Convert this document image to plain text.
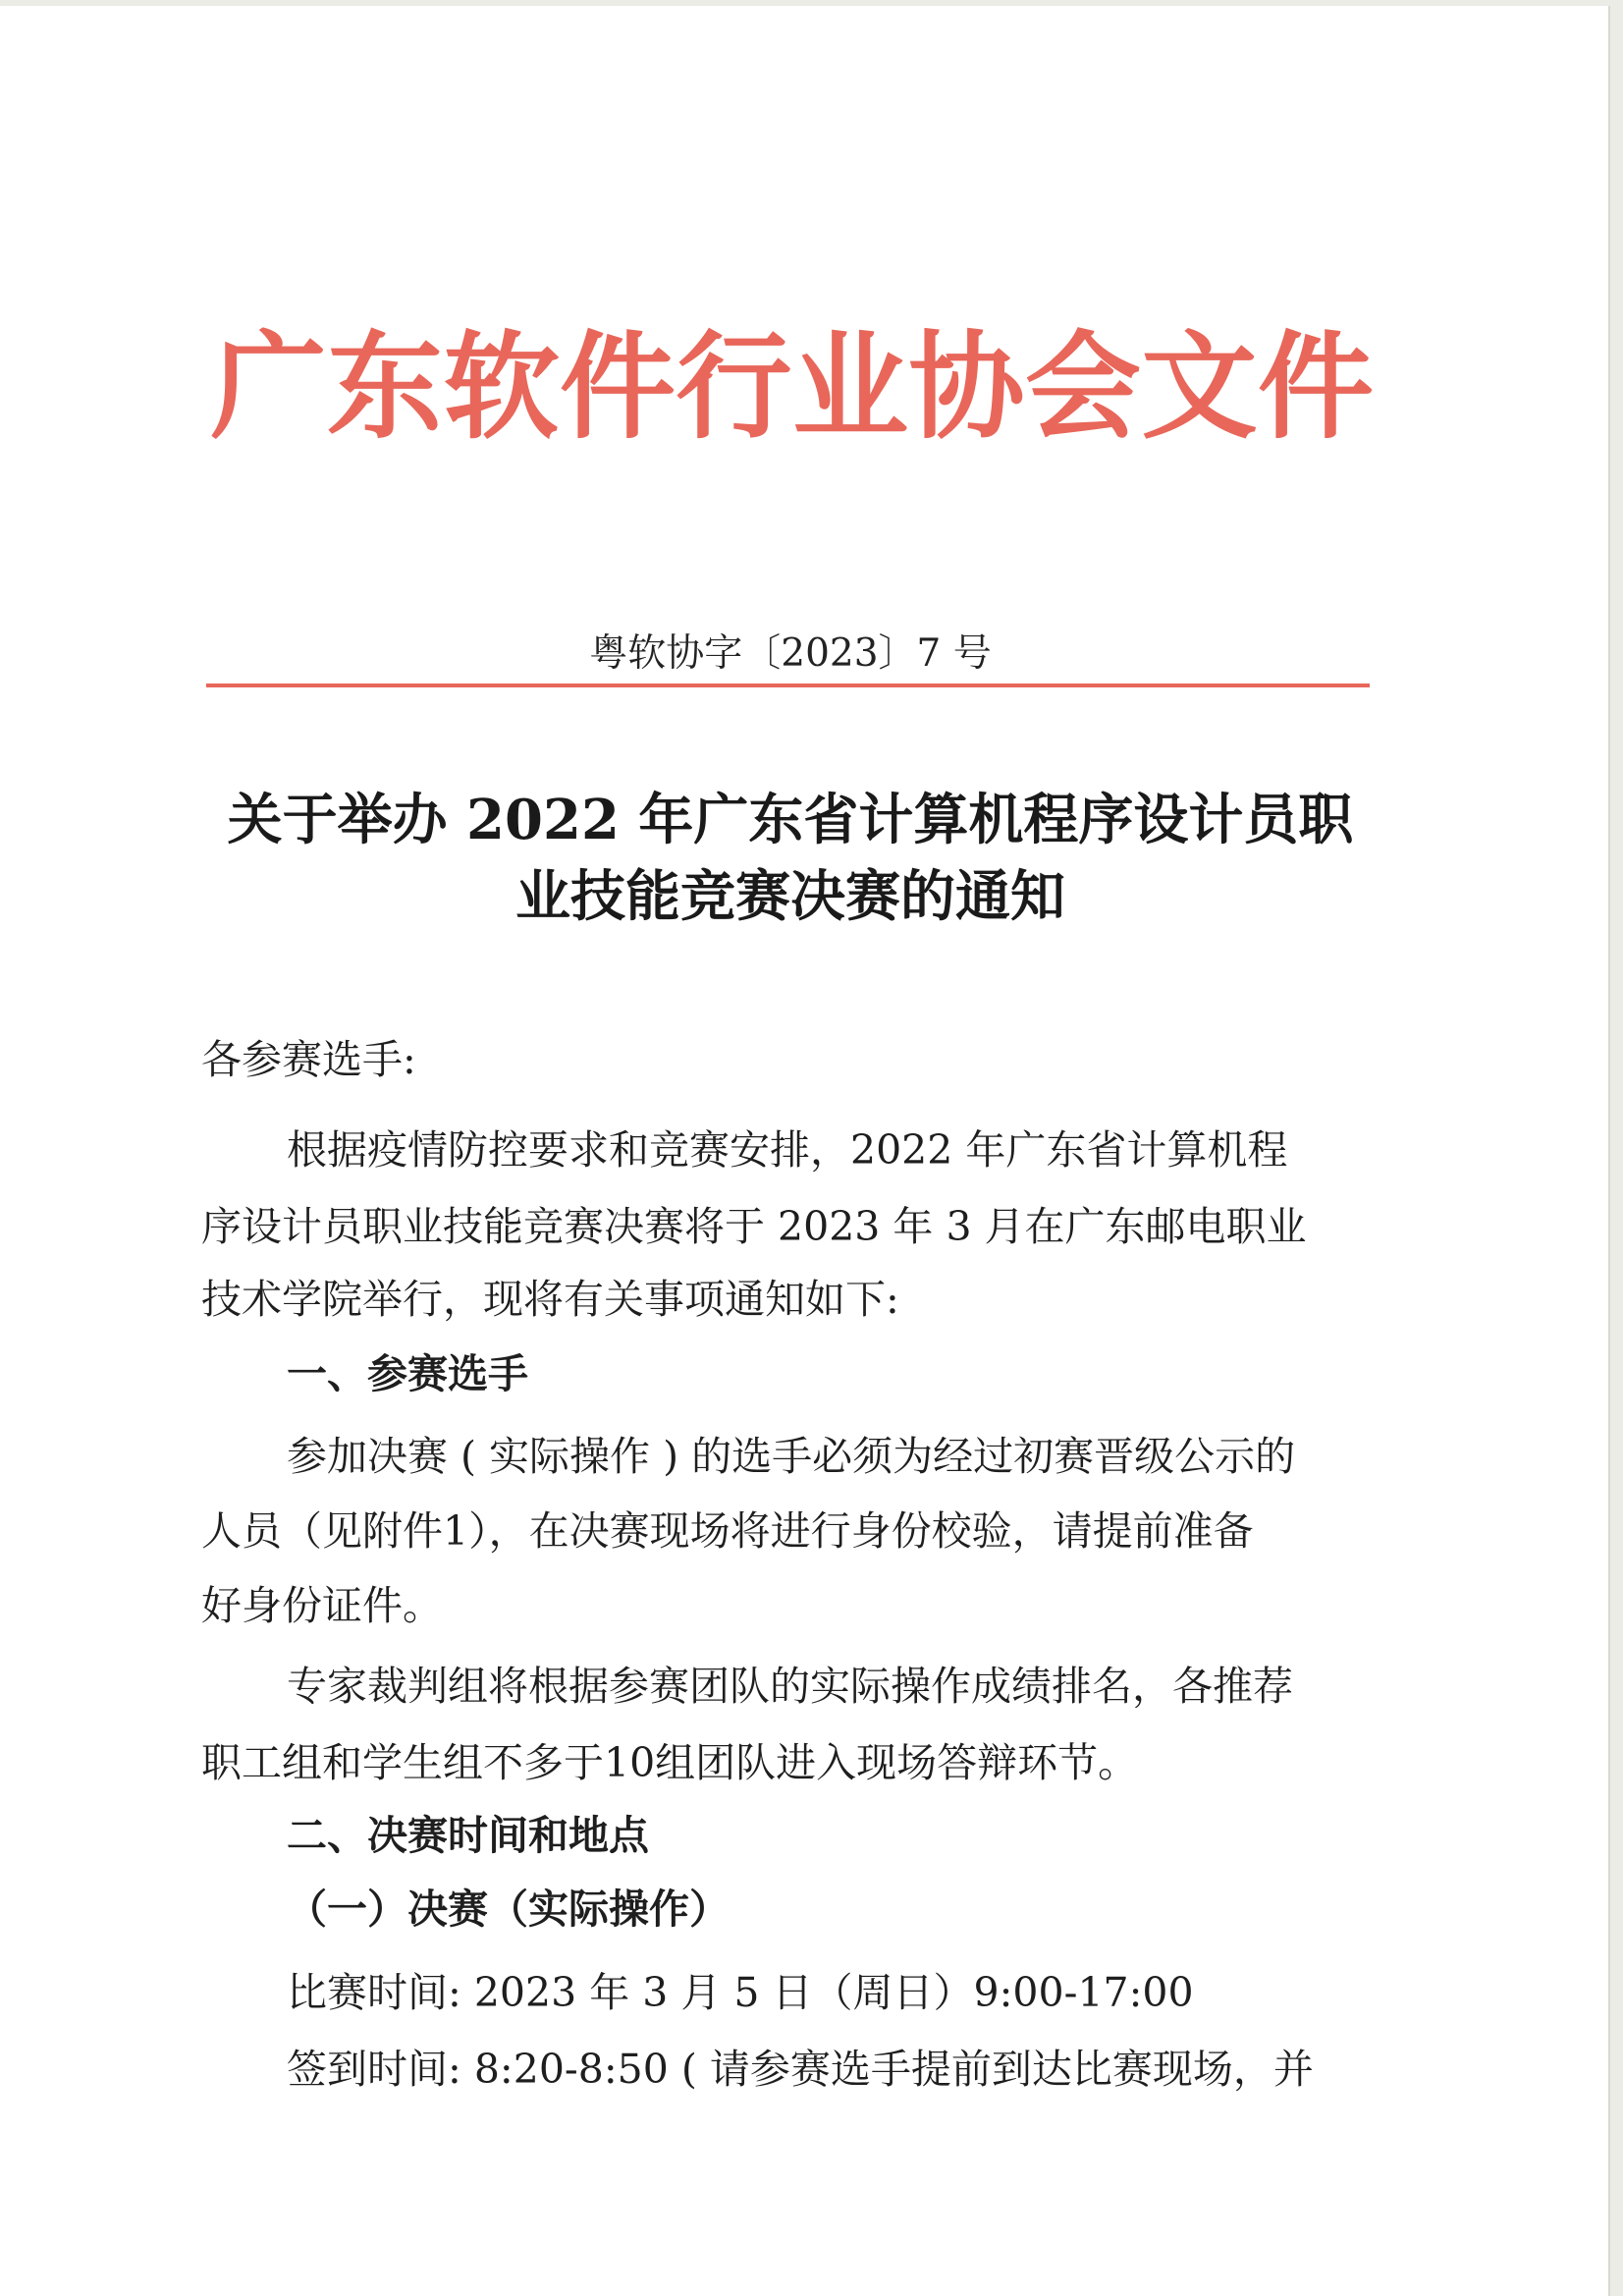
广东软件行业协会文件
粤软协字〔2023〕7 号
关于举办 2022 年广东省计算机程序设计员职
业技能竞赛决赛的通知
各参赛选手:
根据疫情防控要求和竞赛安排，2022 年广东省计算机程
序设计员职业技能竞赛决赛将于 2023 年 3 月在广东邮电职业
技术学院举行，现将有关事项通知如下:
一、参赛选手
参加决赛 ( 实际操作 ) 的选手必须为经过初赛晋级公示的
人员（见附件1），在决赛现场将进行身份校验，请提前准备
好身份证件。
专家裁判组将根据参赛团队的实际操作成绩排名，各推荐
职工组和学生组不多于10组团队进入现场答辩环节。
二、决赛时间和地点
（一）决赛（实际操作）
比赛时间: 2023 年 3 月 5 日（周日）9:00-17:00
签到时间: 8:20-8:50 ( 请参赛选手提前到达比赛现场，并
